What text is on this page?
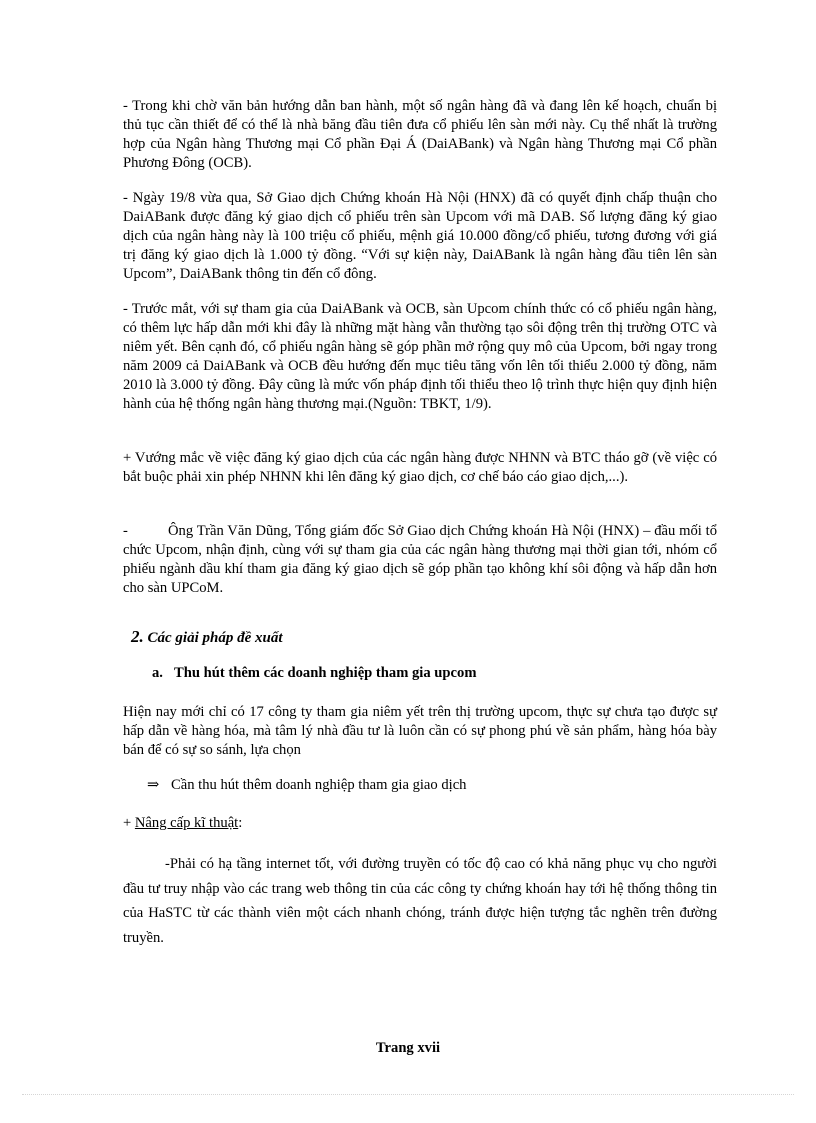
- Trong khi chờ văn bản hướng dẫn ban hành, một số ngân hàng đã và đang lên kế hoạch, chuẩn bị thủ tục cần thiết để có thể là nhà băng đầu tiên đưa cổ phiếu lên sàn mới này. Cụ thể nhất là trường hợp của Ngân hàng Thương mại Cổ phần Đại Á (DaiABank) và Ngân hàng Thương mại Cổ phần Phương Đông (OCB).

- Ngày 19/8 vừa qua, Sở Giao dịch Chứng khoán Hà Nội (HNX) đã có quyết định chấp thuận cho DaiABank được đăng ký giao dịch cổ phiếu trên sàn Upcom với mã DAB. Số lượng đăng ký giao dịch của ngân hàng này là 100 triệu cổ phiếu, mệnh giá 10.000 đồng/cổ phiếu, tương đương với giá trị đăng ký giao dịch là 1.000 tỷ đồng. “Với sự kiện này, DaiABank là ngân hàng đầu tiên lên sàn Upcom”, DaiABank thông tin đến cổ đông.

- Trước mắt, với sự tham gia của DaiABank và OCB, sàn Upcom chính thức có cổ phiếu ngân hàng, có thêm lực hấp dẫn mới khi đây là những mặt hàng vẫn thường tạo sôi động trên thị trường OTC và niêm yết. Bên cạnh đó, cổ phiếu ngân hàng sẽ góp phần mở rộng quy mô của Upcom, bởi ngay trong năm 2009 cả DaiABank và OCB đều hướng đến mục tiêu tăng vốn lên tối thiểu 2.000 tỷ đồng, năm 2010 là 3.000 tỷ đồng. Đây cũng là mức vốn pháp định tối thiểu theo lộ trình thực hiện quy định hiện hành của hệ thống ngân hàng thương mại.(Nguồn: TBKT, 1/9).

+ Vướng mắc về việc đăng ký giao dịch của các ngân hàng được NHNN và BTC tháo gỡ (về việc có bắt buộc phải xin phép NHNN khi lên đăng ký giao dịch, cơ chế báo cáo giao dịch,...).

-	Ông Trần Văn Dũng, Tổng giám đốc Sở Giao dịch Chứng khoán Hà Nội (HNX) – đầu mối tổ chức Upcom, nhận định, cùng với sự tham gia của các ngân hàng thương mại thời gian tới, nhóm cổ phiếu ngành dầu khí tham gia đăng ký giao dịch sẽ góp phần tạo không khí sôi động và hấp dẫn hơn cho sàn UPCoM.

2. Các giải pháp đề xuất

a. Thu hút thêm các doanh nghiệp tham gia upcom

Hiện nay mới chỉ có 17 công ty tham gia niêm yết trên thị trường upcom, thực sự chưa tạo được sự hấp dẫn về hàng hóa, mà tâm lý nhà đầu tư là luôn cần có sự phong phú về sản phẩm, hàng hóa bày bán để có sự so sánh, lựa chọn

⇒ Cần thu hút thêm doanh nghiệp tham gia giao dịch

+ Nâng cấp kĩ thuật:

-Phải có hạ tầng internet tốt, với đường truyền có tốc độ cao có khả năng phục vụ cho người đầu tư truy nhập vào các trang web thông tin của các công ty chứng khoán hay tới hệ thống thông tin của HaSTC từ các thành viên một cách nhanh chóng, tránh được hiện tượng tắc nghẽn trên đường truyền.

Trang xvii
